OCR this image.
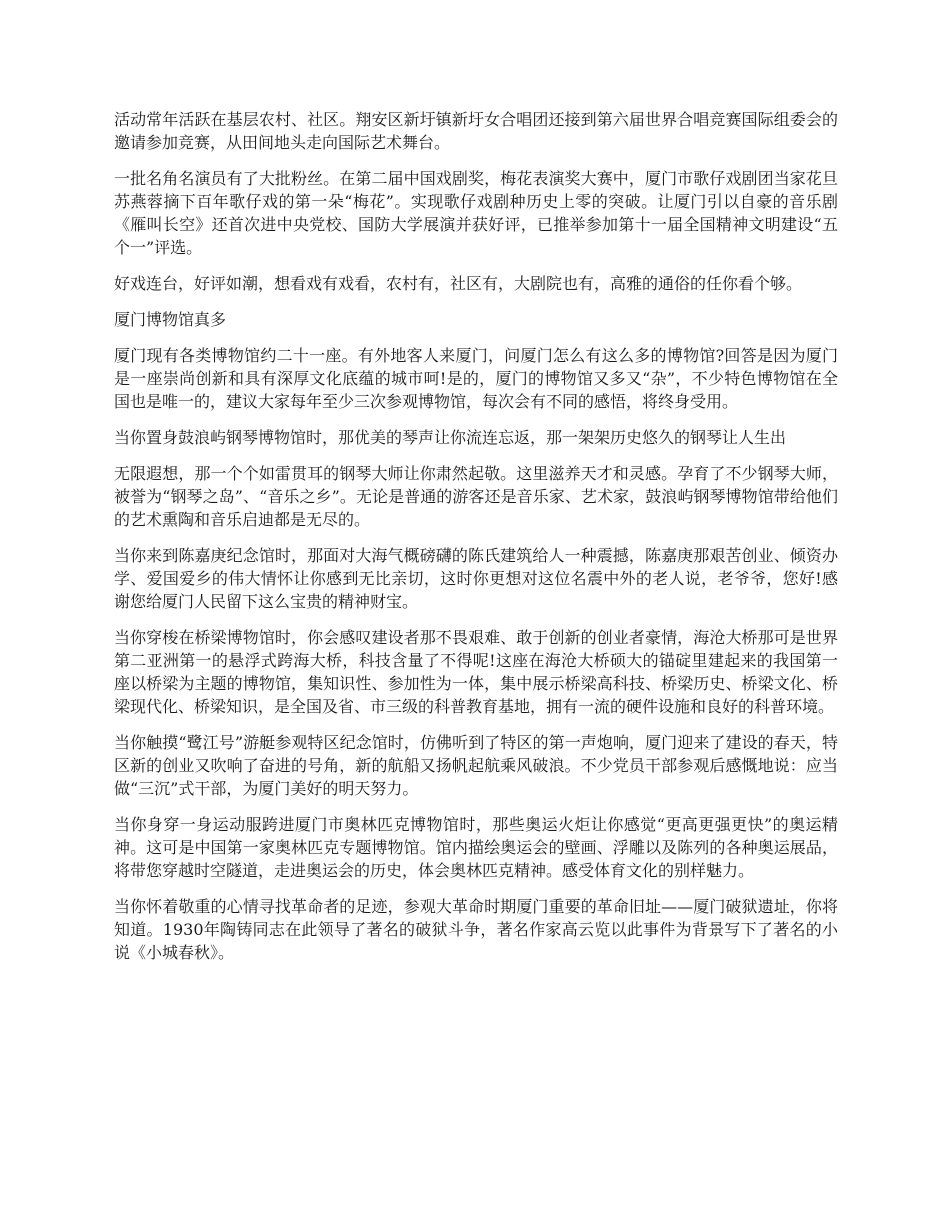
活动常年活跃在基层农村、社区。翔安区新圩镇新圩女合唱团还接到第六届世界合唱竞赛国际组委会的邀请参加竞赛，从田间地头走向国际艺术舞台。

一批名角名演员有了大批粉丝。在第二届中国戏剧奖，梅花表演奖大赛中，厦门市歌仔戏剧团当家花旦苏燕蓉摘下百年歌仔戏的第一朵“梅花”。实现歌仔戏剧种历史上零的突破。让厦门引以自豪的音乐剧《雁叫长空》还首次进中央党校、国防大学展演并获好评，已推举参加第十一届全国精神文明建设“五个一”评选。

好戏连台，好评如潮，想看戏有戏看，农村有，社区有，大剧院也有，高雅的通俗的任你看个够。

厦门博物馆真多

厦门现有各类博物馆约二十一座。有外地客人来厦门，问厦门怎么有这么多的博物馆?回答是因为厦门是一座崇尚创新和具有深厚文化底蕴的城市呵!是的，厦门的博物馆又多又“杂”，不少特色博物馆在全国也是唯一的，建议大家每年至少三次参观博物馆，每次会有不同的感悟，将终身受用。

当你置身鼓浪屿钢琴博物馆时，那优美的琴声让你流连忘返，那一架架历史悠久的钢琴让人生出

无限遐想，那一个个如雷贯耳的钢琴大师让你肃然起敬。这里滋养天才和灵感。孕育了不少钢琴大师，被誉为“钢琴之岛”、“音乐之乡”。无论是普通的游客还是音乐家、艺术家，鼓浪屿钢琴博物馆带给他们的艺术熏陶和音乐启迪都是无尽的。

当你来到陈嘉庚纪念馆时，那面对大海气概磅礴的陈氏建筑给人一种震撼，陈嘉庚那艰苦创业、倾资办学、爱国爱乡的伟大情怀让你感到无比亲切，这时你更想对这位名震中外的老人说，老爷爷，您好!感谢您给厦门人民留下这么宝贵的精神财宝。

当你穿梭在桥梁博物馆时，你会感叹建设者那不畏艰难、敢于创新的创业者豪情，海沧大桥那可是世界第二亚洲第一的悬浮式跨海大桥，科技含量了不得呢!这座在海沧大桥硕大的锚碇里建起来的我国第一座以桥梁为主题的博物馆，集知识性、参加性为一体，集中展示桥梁高科技、桥梁历史、桥梁文化、桥梁现代化、桥梁知识，是全国及省、市三级的科普教育基地，拥有一流的硬件设施和良好的科普环境。

当你触摸“鹭江号”游艇参观特区纪念馆时，仿佛听到了特区的第一声炮响，厦门迎来了建设的春天，特区新的创业又吹响了奋进的号角，新的航船又扬帆起航乘风破浪。不少党员干部参观后感慨地说：应当做“三沉”式干部，为厦门美好的明天努力。

当你身穿一身运动服跨进厦门市奥林匹克博物馆时，那些奥运火炬让你感觉“更高更强更快”的奥运精神。这可是中国第一家奥林匹克专题博物馆。馆内描绘奥运会的壁画、浮雕以及陈列的各种奥运展品，将带您穿越时空隧道，走进奥运会的历史，体会奥林匹克精神。感受体育文化的别样魅力。

当你怀着敬重的心情寻找革命者的足迹，参观大革命时期厦门重要的革命旧址——厦门破狱遗址，你将知道。1930年陶铸同志在此领导了著名的破狱斗争，著名作家高云览以此事件为背景写下了著名的小说《小城春秋》。
